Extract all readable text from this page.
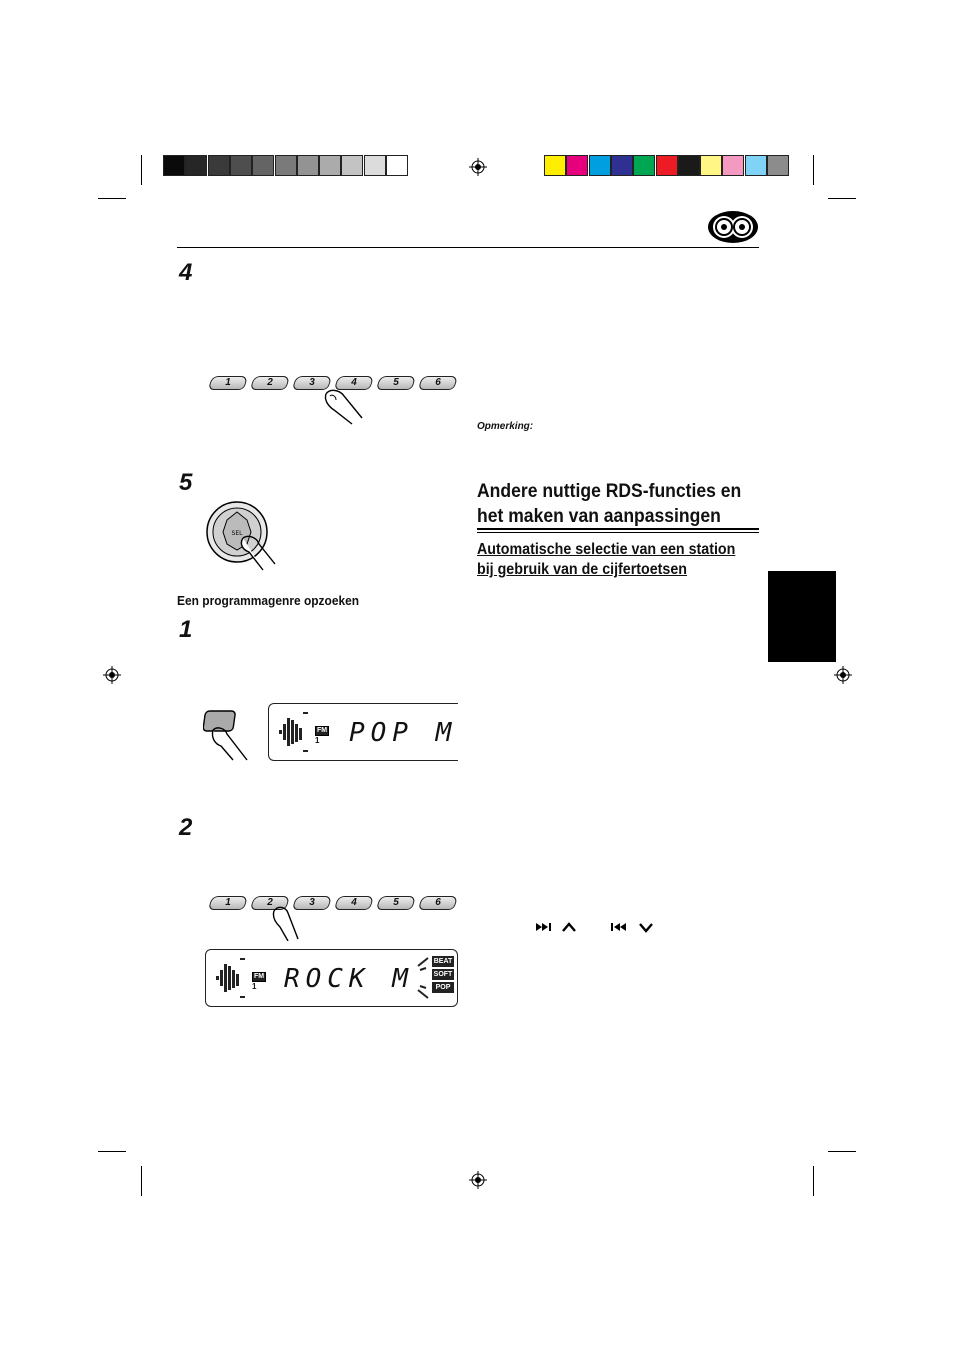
4
1	2	3	4	5	6
Opmerking:
5
SEL
Andere nuttige RDS-functies en
het maken van aanpassingen
Automatische selectie van een station
bij gebruik van de cijfertoetsen
Een programmagenre opzoeken
1
FM
1 POP M
2
1	2	3	4	5	6
FM
1 ROCK M
BEAT
SOFT
POP
